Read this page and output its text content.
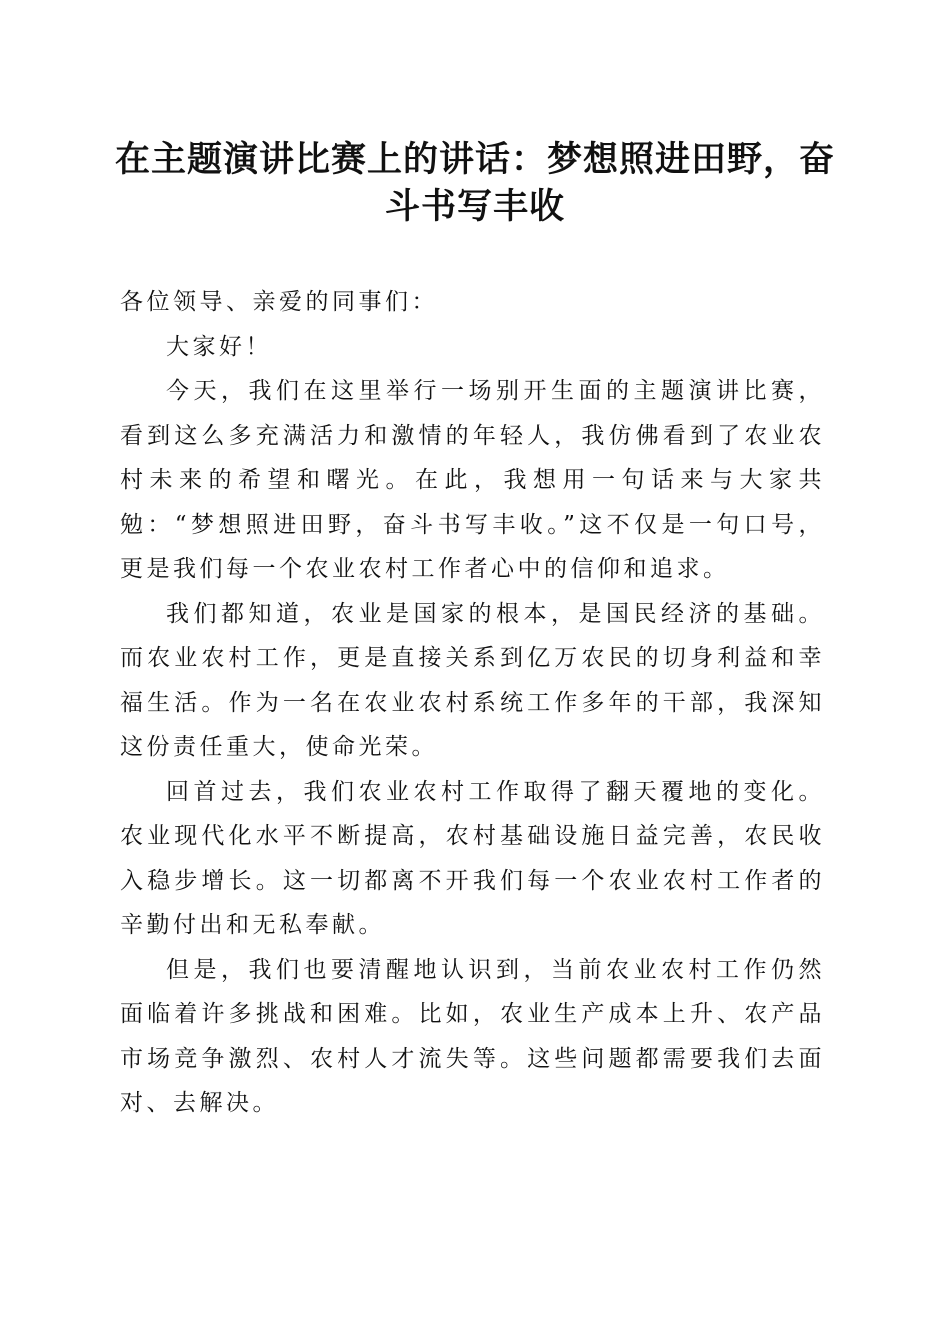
在主题演讲比赛上的讲话：梦想照进田野，奋斗书写丰收

各位领导、亲爱的同事们：

大家好！

今天，我们在这里举行一场别开生面的主题演讲比赛，看到这么多充满活力和激情的年轻人，我仿佛看到了农业农村未来的希望和曙光。在此，我想用一句话来与大家共勉：“梦想照进田野，奋斗书写丰收。”这不仅是一句口号，更是我们每一个农业农村工作者心中的信仰和追求。

我们都知道，农业是国家的根本，是国民经济的基础。而农业农村工作，更是直接关系到亿万农民的切身利益和幸福生活。作为一名在农业农村系统工作多年的干部，我深知这份责任重大，使命光荣。

回首过去，我们农业农村工作取得了翻天覆地的变化。农业现代化水平不断提高，农村基础设施日益完善，农民收入稳步增长。这一切都离不开我们每一个农业农村工作者的辛勤付出和无私奉献。

但是，我们也要清醒地认识到，当前农业农村工作仍然面临着许多挑战和困难。比如，农业生产成本上升、农产品市场竞争激烈、农村人才流失等。这些问题都需要我们去面对、去解决。
